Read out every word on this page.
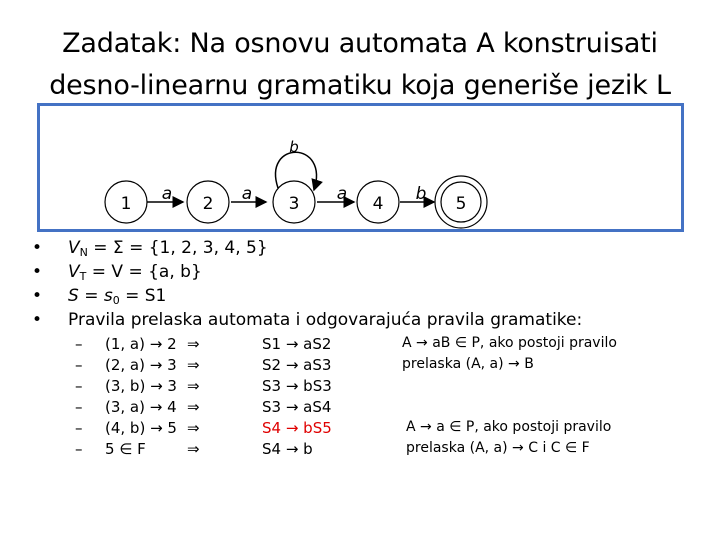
Zadatak: Na osnovu automata A konstruisati
desno-linearnu gramatiku koja generiše jezik L
1	2	3	4	5
a	a	a	b
b
• $V_N = \Sigma = \{1$, 2, 3, 4, 5}
• $V_T = V = \{a$, b}
• $S = s_0 = S1$
• Pravila prelaska automata i odgovarajuća pravila gramatike:
– (1, a) → 2 ⇒	S1 → aS2
– (2, a) → 3 ⇒	S2 → aS3
– (3, b) → 3 ⇒	S3 → bS3
– (3, a) → 4 ⇒	S3 → aS4
– (4, b) → 5 ⇒	S4 → bS5
– 5 ∈ F	⇒	S4 → b
A → aB ∈ P, ako postoji pravilo
prelaska (A, a) → B
A → a ∈ P, ako postoji pravilo
prelaska (A, a) → C i C ∈ F
